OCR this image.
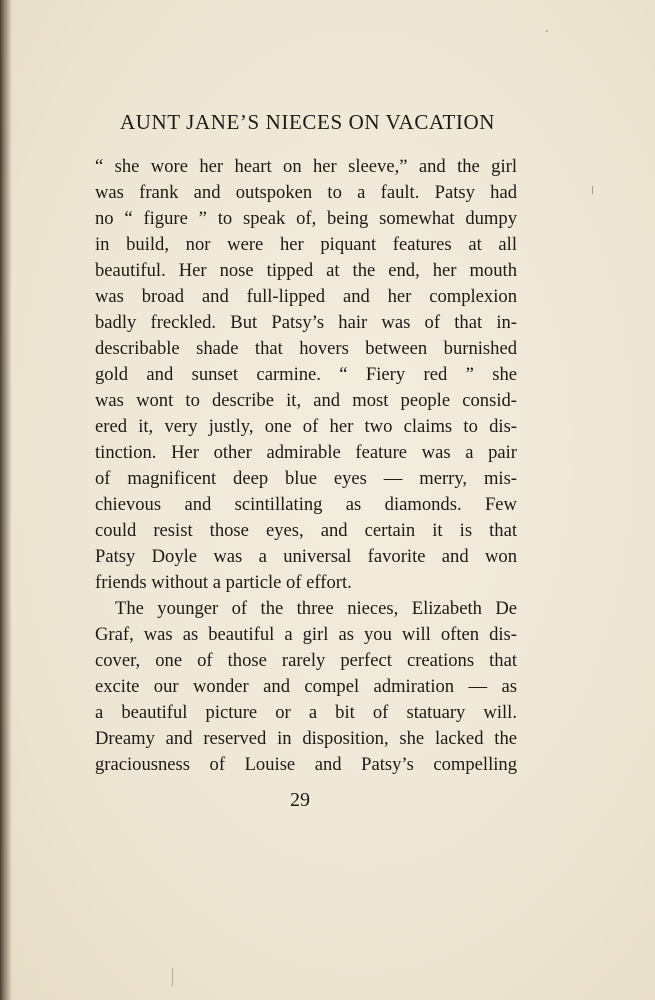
AUNT JANE’S NIECES ON VACATION

“ she wore her heart on her sleeve,” and the girl
was frank and outspoken to a fault. Patsy had
no “ figure ” to speak of, being somewhat dumpy
in build, nor were her piquant features at all
beautiful. Her nose tipped at the end, her mouth
was broad and full-lipped and her complexion
badly freckled. But Patsy’s hair was of that in-
describable shade that hovers between burnished
gold and sunset carmine. “ Fiery red ” she
was wont to describe it, and most people consid-
ered it, very justly, one of her two claims to dis-
tinction. Her other admirable feature was a pair
of magnificent deep blue eyes — merry, mis-
chievous and scintillating as diamonds. Few
could resist those eyes, and certain it is that
Patsy Doyle was a universal favorite and won
friends without a particle of effort.

The younger of the three nieces, Elizabeth De
Graf, was as beautiful a girl as you will often dis-
cover, one of those rarely perfect creations that
excite our wonder and compel admiration — as
a beautiful picture or a bit of statuary will.
Dreamy and reserved in disposition, she lacked the
graciousness of Louise and Patsy’s compelling

29
